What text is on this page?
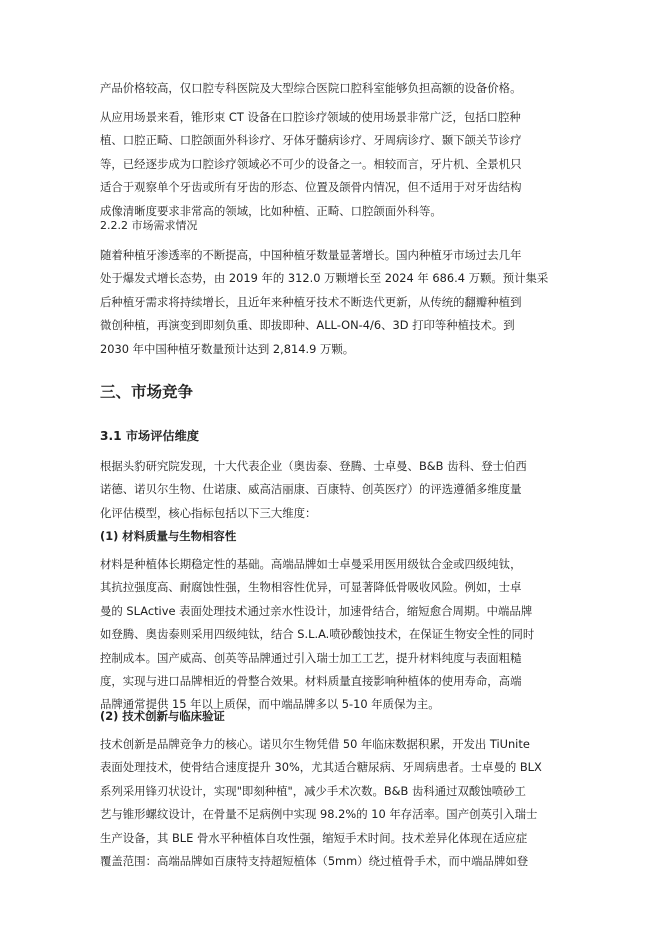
产品价格较高，仅口腔专科医院及大型综合医院口腔科室能够负担高额的设备价格。
从应用场景来看，锥形束 CT 设备在口腔诊疗领域的使用场景非常广泛，包括口腔种
植、口腔正畸、口腔颌面外科诊疗、牙体牙髓病诊疗、牙周病诊疗、颞下颌关节诊疗
等，已经逐步成为口腔诊疗领域必不可少的设备之一。相较而言，牙片机、全景机只
适合于观察单个牙齿或所有牙齿的形态、位置及颌骨内情况，但不适用于对牙齿结构
成像清晰度要求非常高的领域，比如种植、正畸、口腔颌面外科等。
2.2.2 市场需求情况
随着种植牙渗透率的不断提高，中国种植牙数量显著增长。国内种植牙市场过去几年
处于爆发式增长态势，由 2019 年的 312.0 万颗增长至 2024 年 686.4 万颗。预计集采
后种植牙需求将持续增长，且近年来种植牙技术不断迭代更新，从传统的翻瓣种植到
微创种植，再演变到即刻负重、即拔即种、ALL-ON-4/6、3D 打印等种植技术。到
2030 年中国种植牙数量预计达到 2,814.9 万颗。
三、市场竞争
3.1 市场评估维度
根据头豹研究院发现，十大代表企业（奥齿泰、登腾、士卓曼、B&B 齿科、登士伯西
诺德、诺贝尔生物、仕诺康、威高洁丽康、百康特、创英医疗）的评选遵循多维度量
化评估模型，核心指标包括以下三大维度：
(1) 材料质量与生物相容性
材料是种植体长期稳定性的基础。高端品牌如士卓曼采用医用级钛合金或四级纯钛，
其抗拉强度高、耐腐蚀性强，生物相容性优异，可显著降低骨吸收风险。例如，士卓
曼的 SLActive 表面处理技术通过亲水性设计，加速骨结合，缩短愈合周期。中端品牌
如登腾、奥齿泰则采用四级纯钛，结合 S.L.A.喷砂酸蚀技术，在保证生物安全性的同时
控制成本。国产威高、创英等品牌通过引入瑞士加工工艺，提升材料纯度与表面粗糙
度，实现与进口品牌相近的骨整合效果。材料质量直接影响种植体的使用寿命，高端
品牌通常提供 15 年以上质保，而中端品牌多以 5-10 年质保为主。
(2) 技术创新与临床验证
技术创新是品牌竞争力的核心。诺贝尔生物凭借 50 年临床数据积累，开发出 TiUnite
表面处理技术，使骨结合速度提升 30%，尤其适合糖尿病、牙周病患者。士卓曼的 BLX
系列采用锋刃状设计，实现"即刻种植"，减少手术次数。B&B 齿科通过双酸蚀喷砂工
艺与锥形螺纹设计，在骨量不足病例中实现 98.2%的 10 年存活率。国产创英引入瑞士
生产设备，其 BLE 骨水平种植体自攻性强，缩短手术时间。技术差异化体现在适应症
覆盖范围：高端品牌如百康特支持超短植体（5mm）绕过植骨手术，而中端品牌如登
